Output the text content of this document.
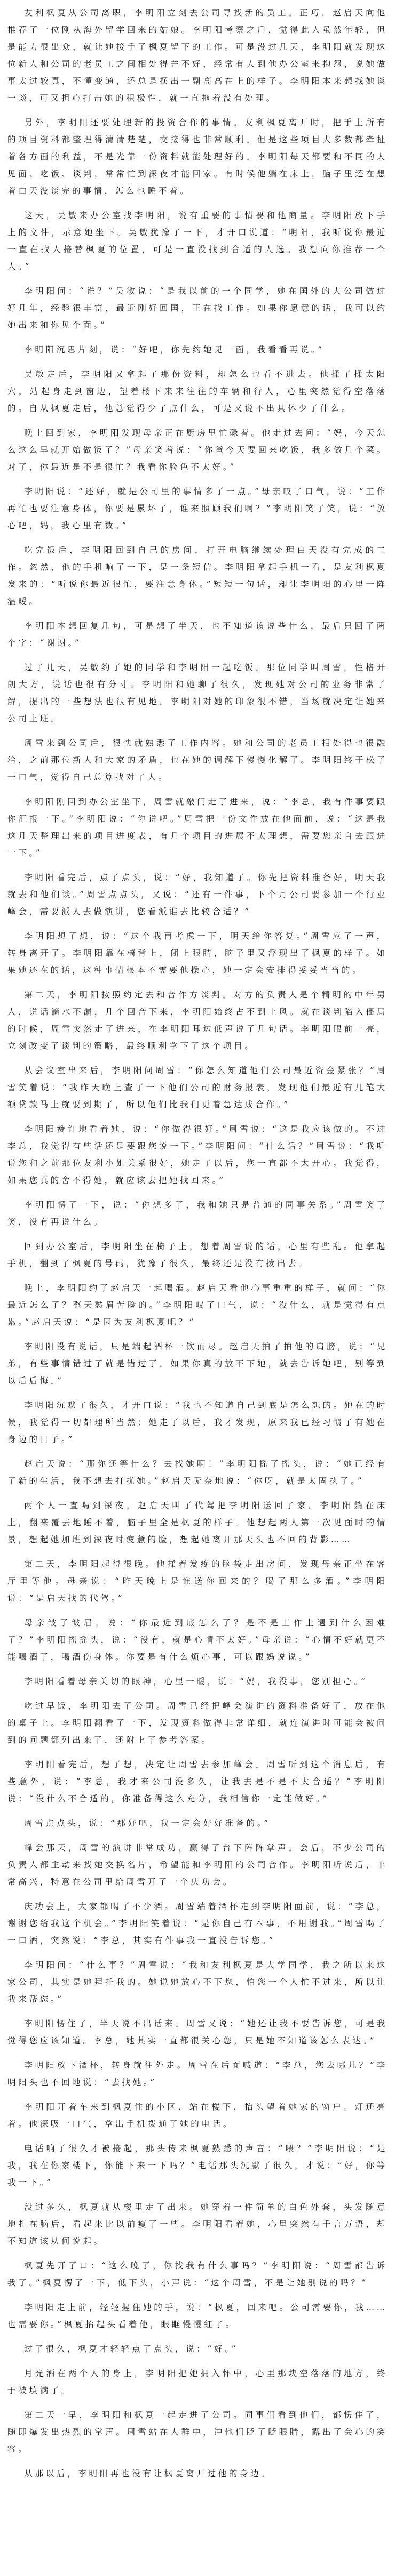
友利枫夏从公司离职，李明阳立刻去公司寻找新的员工。正巧，赵启天向他推荐了一位刚从海外留学回来的姑娘。李明阳考察之后，觉得此人虽然年轻，但是能力很出众，就让她接手了枫夏留下的工作。可是没过几天，李明阳就发现这位新人和公司的老员工之间相处得并不好，经常有人到他办公室来抱怨，说她做事太过较真，不懂变通，还总是摆出一副高高在上的样子。李明阳本来想找她谈一谈，可又担心打击她的积极性，就一直拖着没有处理。

另外，李明阳还要处理新的投资合作的事情。友利枫夏离开时，把手上所有的项目资料都整理得清清楚楚，交接得也非常顺利。但是这些项目大多数都牵扯着各方面的利益，不是光靠一份资料就能处理好的。李明阳每天都要和不同的人见面、吃饭、谈判，常常忙到深夜才能回家。有时候他躺在床上，脑子里还在想着白天没谈完的事情，怎么也睡不着。

这天，吴敏来办公室找李明阳，说有重要的事情要和他商量。李明阳放下手上的文件，示意她坐下。吴敏犹豫了一下，才开口说道：“明阳，我听说你最近一直在找人接替枫夏的位置，可是一直没找到合适的人选。我想向你推荐一个人。”

李明阳问：“谁？”吴敏说：“是我以前的一个同学，她在国外的大公司做过好几年，经验很丰富，最近刚好回国，正在找工作。如果你愿意的话，我可以约她出来和你见个面。”

李明阳沉思片刻，说：“好吧，你先约她见一面，我看看再说。”

吴敏走后，李明阳又拿起了那份资料，却怎么也看不进去。他揉了揉太阳穴，站起身走到窗边，望着楼下来来往往的车辆和行人，心里突然觉得空落落的。自从枫夏走后，他总觉得少了点什么，可是又说不出具体少了什么。

晚上回到家，李明阳发现母亲正在厨房里忙碌着。他走过去问：“妈，今天怎么这么早就开始做饭了？”母亲笑着说：“你爸今天要回来吃饭，我多做几个菜。对了，你最近是不是很忙？我看你脸色不太好。”

李明阳说：“还好，就是公司里的事情多了一点。”母亲叹了口气，说：“工作再忙也要注意身体，你要是累坏了，谁来照顾我们啊？”李明阳笑了笑，说：“放心吧，妈，我心里有数。”

吃完饭后，李明阳回到自己的房间，打开电脑继续处理白天没有完成的工作。忽然，他的手机响了一下，是一条短信。李明阳拿起手机一看，是友利枫夏发来的：“听说你最近很忙，要注意身体。”短短一句话，却让李明阳的心里一阵温暖。

李明阳本想回复几句，可是想了半天，也不知道该说些什么，最后只回了两个字：“谢谢。”

过了几天，吴敏约了她的同学和李明阳一起吃饭。那位同学叫周雪，性格开朗大方，说话也很有分寸。李明阳和她聊了很久，发现她对公司的业务非常了解，提出的一些想法也很有见地。李明阳对她的印象很不错，当场就决定让她来公司上班。

周雪来到公司后，很快就熟悉了工作内容。她和公司的老员工相处得也很融洽，之前那位新人和大家的矛盾，也在她的调解下慢慢化解了。李明阳终于松了一口气，觉得自己总算找对了人。

李明阳刚回到办公室坐下，周雪就敲门走了进来，说：“李总，我有件事要跟你汇报一下。”李明阳说：“你说吧。”周雪把一份文件放在他面前，说：“这是我这几天整理出来的项目进度表，有几个项目的进展不太理想，需要您亲自去跟进一下。”

李明阳看完后，点了点头，说：“好，我知道了。你先把资料准备好，明天我就去和他们谈。”周雪点点头，又说：“还有一件事，下个月公司要参加一个行业峰会，需要派人去做演讲，您看派谁去比较合适？”

李明阳想了想，说：“这个我再考虑一下，明天给你答复。”周雪应了一声，转身离开了。李明阳靠在椅背上，闭上眼睛，脑子里又浮现出了枫夏的样子。如果她还在的话，这种事情根本不需要他操心，她一定会安排得妥妥当当的。

第二天，李明阳按照约定去和合作方谈判。对方的负责人是个精明的中年男人，说话滴水不漏，几个回合下来，李明阳始终占不到上风。就在谈判陷入僵局的时候，周雪突然走了进来，在李明阳耳边低声说了几句话。李明阳眼前一亮，立刻改变了谈判的策略，最终顺利拿下了这个项目。

从会议室出来后，李明阳问周雪：“你怎么知道他们公司最近资金紧张？”周雪笑着说：“我昨天晚上查了一下他们公司的财务报表，发现他们最近有几笔大额贷款马上就要到期了，所以他们比我们更着急达成合作。”

李明阳赞许地看着她，说：“你做得很好。”周雪说：“这是我应该做的。不过李总，我觉得有些话还是要跟您说一下。”李明阳问：“什么话？”周雪说：“我听说您和之前那位友利小姐关系很好，她走了以后，您一直都不太开心。我觉得，如果您真的舍不得她，就应该去把她找回来。”

李明阳愣了一下，说：“你想多了，我和她只是普通的同事关系。”周雪笑了笑，没有再说什么。

回到办公室后，李明阳坐在椅子上，想着周雪说的话，心里有些乱。他拿起手机，翻到了枫夏的号码，犹豫了很久，最终还是没有拨出去。

晚上，李明阳约了赵启天一起喝酒。赵启天看他心事重重的样子，就问：“你最近怎么了？整天愁眉苦脸的。”李明阳叹了口气，说：“没什么，就是觉得有点累。”赵启天说：“是因为友利枫夏吧？”

李明阳没有说话，只是端起酒杯一饮而尽。赵启天拍了拍他的肩膀，说：“兄弟，有些事情错过了就是错过了。如果你真的放不下她，就去告诉她吧，别等到以后后悔。”

李明阳沉默了很久，才开口说：“我也不知道自己到底是怎么想的。她在的时候，我觉得一切都理所当然；她走了以后，我才发现，原来我已经习惯了有她在身边的日子。”

赵启天说：“那你还等什么？去找她啊！”李明阳摇了摇头，说：“她已经有了新的生活，我不想去打扰她。”赵启天无奈地说：“你呀，就是太固执了。”

两个人一直喝到深夜，赵启天叫了代驾把李明阳送回了家。李明阳躺在床上，翻来覆去地睡不着，脑子里全是枫夏的样子。他想起两人第一次见面时的情景，想起她加班到深夜时疲惫的脸，想起她离开那天头也不回的背影……

第二天，李明阳起得很晚。他揉着发疼的脑袋走出房间，发现母亲正坐在客厅里等他。母亲说：“昨天晚上是谁送你回来的？喝了那么多酒。”李明阳说：“是启天找的代驾。”

母亲皱了皱眉，说：“你最近到底怎么了？是不是工作上遇到什么困难了？”李明阳摇摇头，说：“没有，就是心情不太好。”母亲说：“心情不好就更不能喝酒了，喝酒伤身体。你要是有什么烦心事，可以跟妈说说。”

李明阳看着母亲关切的眼神，心里一暖，说：“妈，我没事，您别担心。”

吃过早饭，李明阳去了公司。周雪已经把峰会演讲的资料准备好了，放在他的桌子上。李明阳翻看了一下，发现资料做得非常详细，就连演讲时可能会被问到的问题都列出来了，还附上了参考答案。

李明阳看完后，想了想，决定让周雪去参加峰会。周雪听到这个消息后，有些意外，说：“李总，我才来公司没多久，让我去是不是不太合适？”李明阳说：“没什么不合适的，你准备得这么充分，我相信你一定能做好。”

周雪点点头，说：“那好吧，我一定会好好准备的。”

峰会那天，周雪的演讲非常成功，赢得了台下阵阵掌声。会后，不少公司的负责人都主动来找她交换名片，希望能和李明阳的公司合作。李明阳听说后，非常高兴，特意在公司里给周雪开了一个庆功会。

庆功会上，大家都喝了不少酒。周雪端着酒杯走到李明阳面前，说：“李总，谢谢您给我这个机会。”李明阳笑着说：“是你自己有本事，不用谢我。”周雪喝了一口酒，突然说：“李总，其实有件事我一直没告诉您。”

李明阳问：“什么事？”周雪说：“我和友利枫夏是大学同学，我之所以来这家公司，其实是她拜托我的。她说她放心不下您，怕您一个人忙不过来，所以让我来帮您。”

李明阳愣住了，半天说不出话来。周雪又说：“她还让我不要告诉您，可是我觉得您应该知道。李总，她其实一直都很关心您，只是她不知道该怎么表达。”

李明阳放下酒杯，转身就往外走。周雪在后面喊道：“李总，您去哪儿？”李明阳头也不回地说：“去找她。”

李明阳开着车来到枫夏住的小区，站在楼下，抬头望着她家的窗户。灯还亮着。他深吸一口气，拿出手机拨通了她的电话。

电话响了很久才被接起，那头传来枫夏熟悉的声音：“喂？”李明阳说：“是我，我在你家楼下，你能下来一下吗？”电话那头沉默了很久，才说：“好，你等我一下。”

没过多久，枫夏就从楼里走了出来。她穿着一件简单的白色外套，头发随意地扎在脑后，看起来比以前瘦了一些。李明阳看着她，心里突然有千言万语，却不知道该从何说起。

枫夏先开了口：“这么晚了，你找我有什么事吗？”李明阳说：“周雪都告诉我了。”枫夏愣了一下，低下头，小声说：“这个周雪，不是让她别说的吗？”

李明阳走上前，轻轻握住她的手，说：“枫夏，回来吧。公司需要你，我……也需要你。”枫夏抬起头看着他，眼眶慢慢红了。

过了很久，枫夏才轻轻点了点头，说：“好。”

月光洒在两个人的身上，李明阳把她拥入怀中，心里那块空落落的地方，终于被填满了。

第二天一早，李明阳和枫夏一起走进了公司。同事们看到他们，都愣住了，随即爆发出热烈的掌声。周雪站在人群中，冲他们眨了眨眼睛，露出了会心的笑容。

从那以后，李明阳再也没有让枫夏离开过他的身边。
